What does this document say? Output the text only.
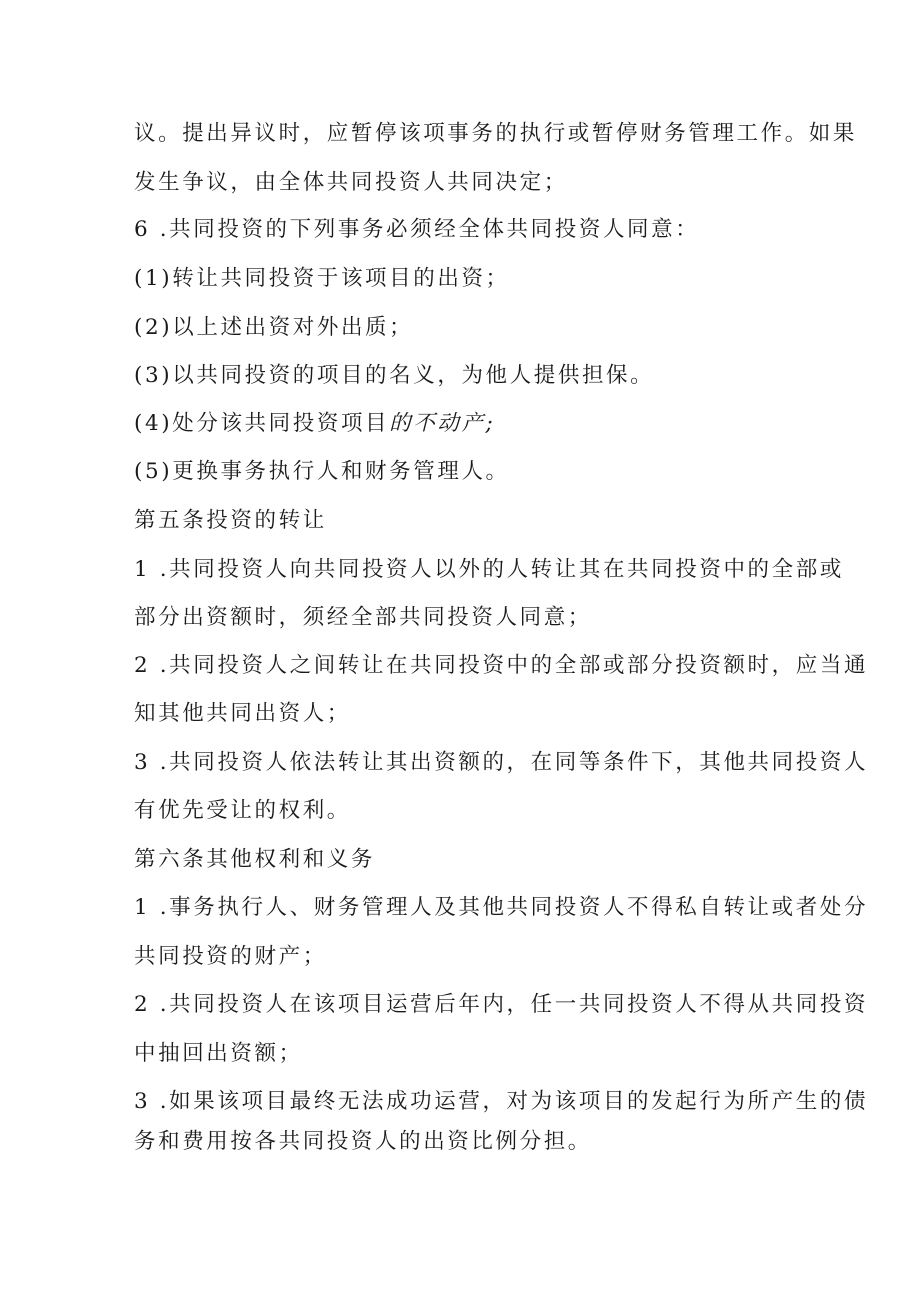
议。提出异议时，应暂停该项事务的执行或暂停财务管理工作。如果
发生争议，由全体共同投资人共同决定；
6 .共同投资的下列事务必须经全体共同投资人同意：
(1)转让共同投资于该项目的出资；
(2)以上述出资对外出质；
(3)以共同投资的项目的名义，为他人提供担保。
(4)处分该共同投资项目的不动产;
(5)更换事务执行人和财务管理人。
第五条投资的转让
1 .共同投资人向共同投资人以外的人转让其在共同投资中的全部或
部分出资额时，须经全部共同投资人同意；
2 .共同投资人之间转让在共同投资中的全部或部分投资额时，应当通
知其他共同出资人；
3 .共同投资人依法转让其出资额的，在同等条件下，其他共同投资人
有优先受让的权利。
第六条其他权利和义务
1 .事务执行人、财务管理人及其他共同投资人不得私自转让或者处分
共同投资的财产；
2 .共同投资人在该项目运营后年内，任一共同投资人不得从共同投资
中抽回出资额；
3 .如果该项目最终无法成功运营，对为该项目的发起行为所产生的债
务和费用按各共同投资人的出资比例分担。
